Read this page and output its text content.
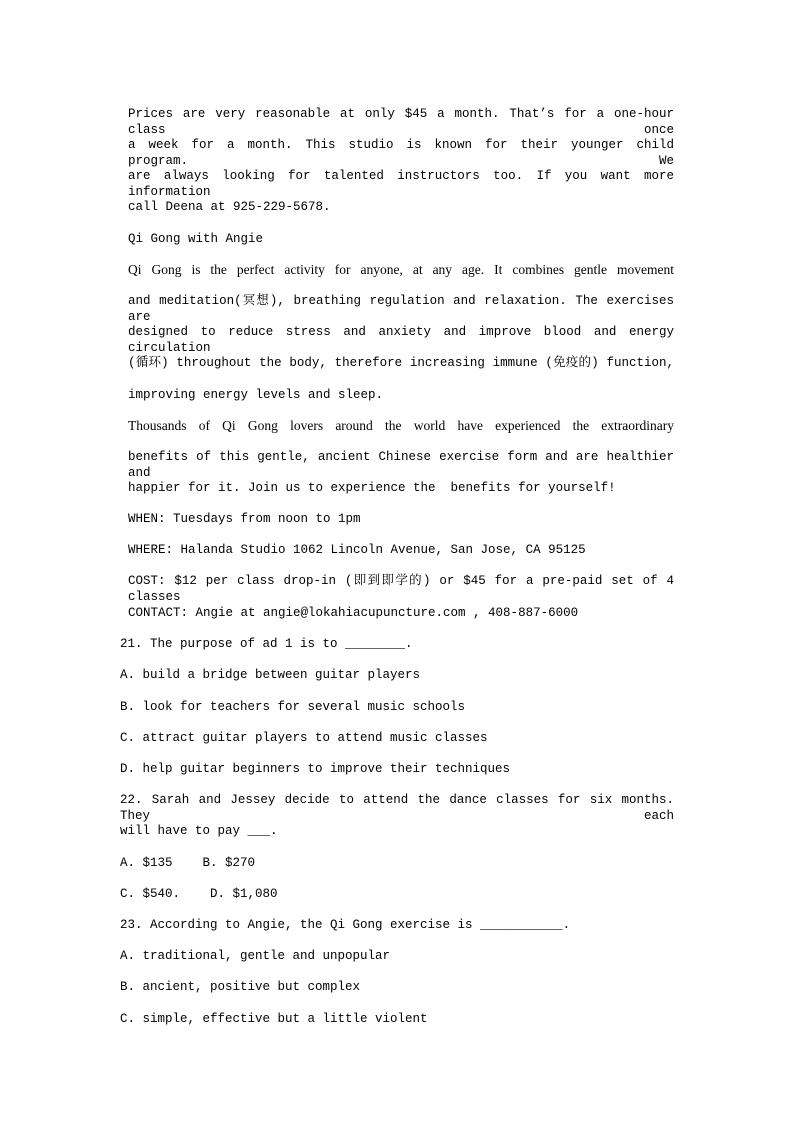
Prices are very reasonable at only $45 a month. That’s for a one-hour class once
a week for a month. This studio is known for their younger child program. We
are always looking for talented instructors too. If you want more information
call Deena at 925-229-5678.
Qi Gong with Angie
Qi Gong is the perfect activity for anyone, at any age. It combines gentle movement
and meditation(冥想), breathing regulation and relaxation. The exercises are
designed to reduce stress and anxiety and improve blood and energy circulation
(循环) throughout the body, therefore increasing immune (免疫的) function,
improving energy levels and sleep.
Thousands of Qi Gong lovers around the world have experienced the extraordinary
benefits of this gentle, ancient Chinese exercise form and are healthier and
happier for it. Join us to experience the  benefits for yourself!
WHEN: Tuesdays from noon to 1pm
WHERE: Halanda Studio 1062 Lincoln Avenue, San Jose, CA 95125
COST: $12 per class drop-in (即到即学的) or $45 for a pre-paid set of 4 classes
CONTACT: Angie at angie@lokahiacupuncture.com , 408-887-6000
21. The purpose of ad 1 is to ________.
A. build a bridge between guitar players
B. look for teachers for several music schools
C. attract guitar players to attend music classes
D. help guitar beginners to improve their techniques
22. Sarah and Jessey decide to attend the dance classes for six months. They each
will have to pay ___.
A. $135    B. $270
C. $540.    D. $1,080
23. According to Angie, the Qi Gong exercise is ___________.
A. traditional, gentle and unpopular
B. ancient, positive but complex
C. simple, effective but a little violent
